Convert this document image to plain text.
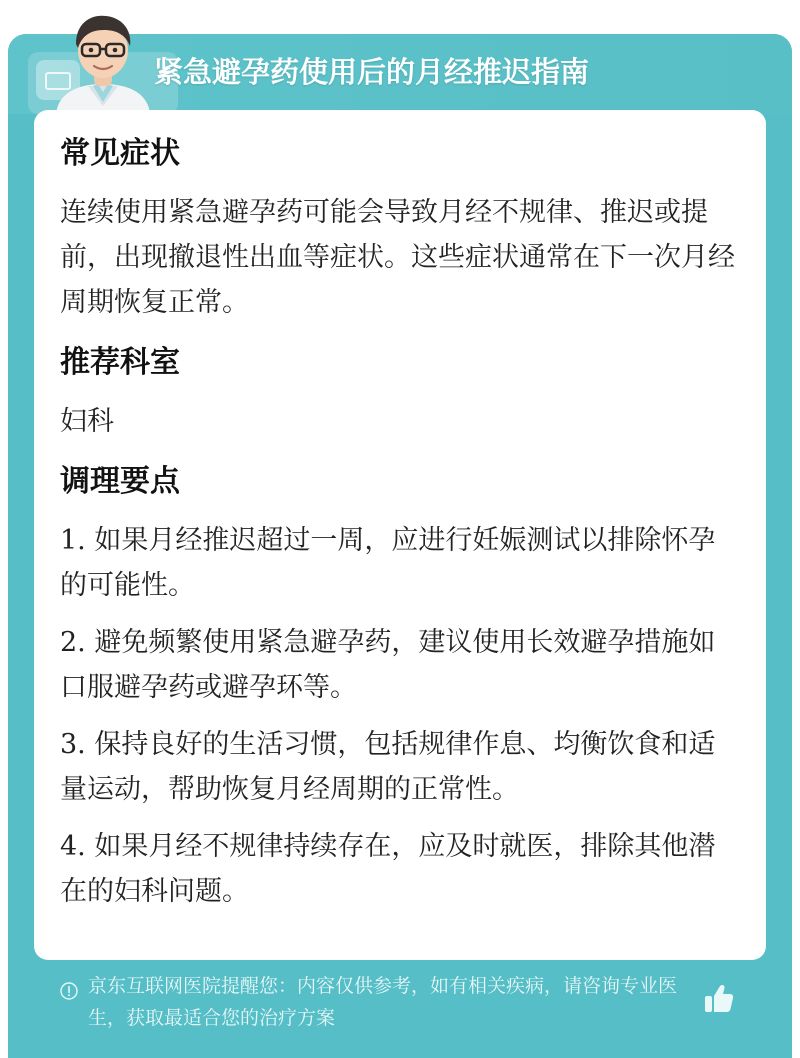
紧急避孕药使用后的月经推迟指南
常见症状
连续使用紧急避孕药可能会导致月经不规律、推迟或提前，出现撤退性出血等症状。这些症状通常在下一次月经周期恢复正常。
推荐科室
妇科
调理要点
1. 如果月经推迟超过一周，应进行妊娠测试以排除怀孕的可能性。
2. 避免频繁使用紧急避孕药，建议使用长效避孕措施如口服避孕药或避孕环等。
3. 保持良好的生活习惯，包括规律作息、均衡饮食和适量运动，帮助恢复月经周期的正常性。
4. 如果月经不规律持续存在，应及时就医，排除其他潜在的妇科问题。
京东互联网医院提醒您：内容仅供参考，如有相关疾病，请咨询专业医生，获取最适合您的治疗方案
